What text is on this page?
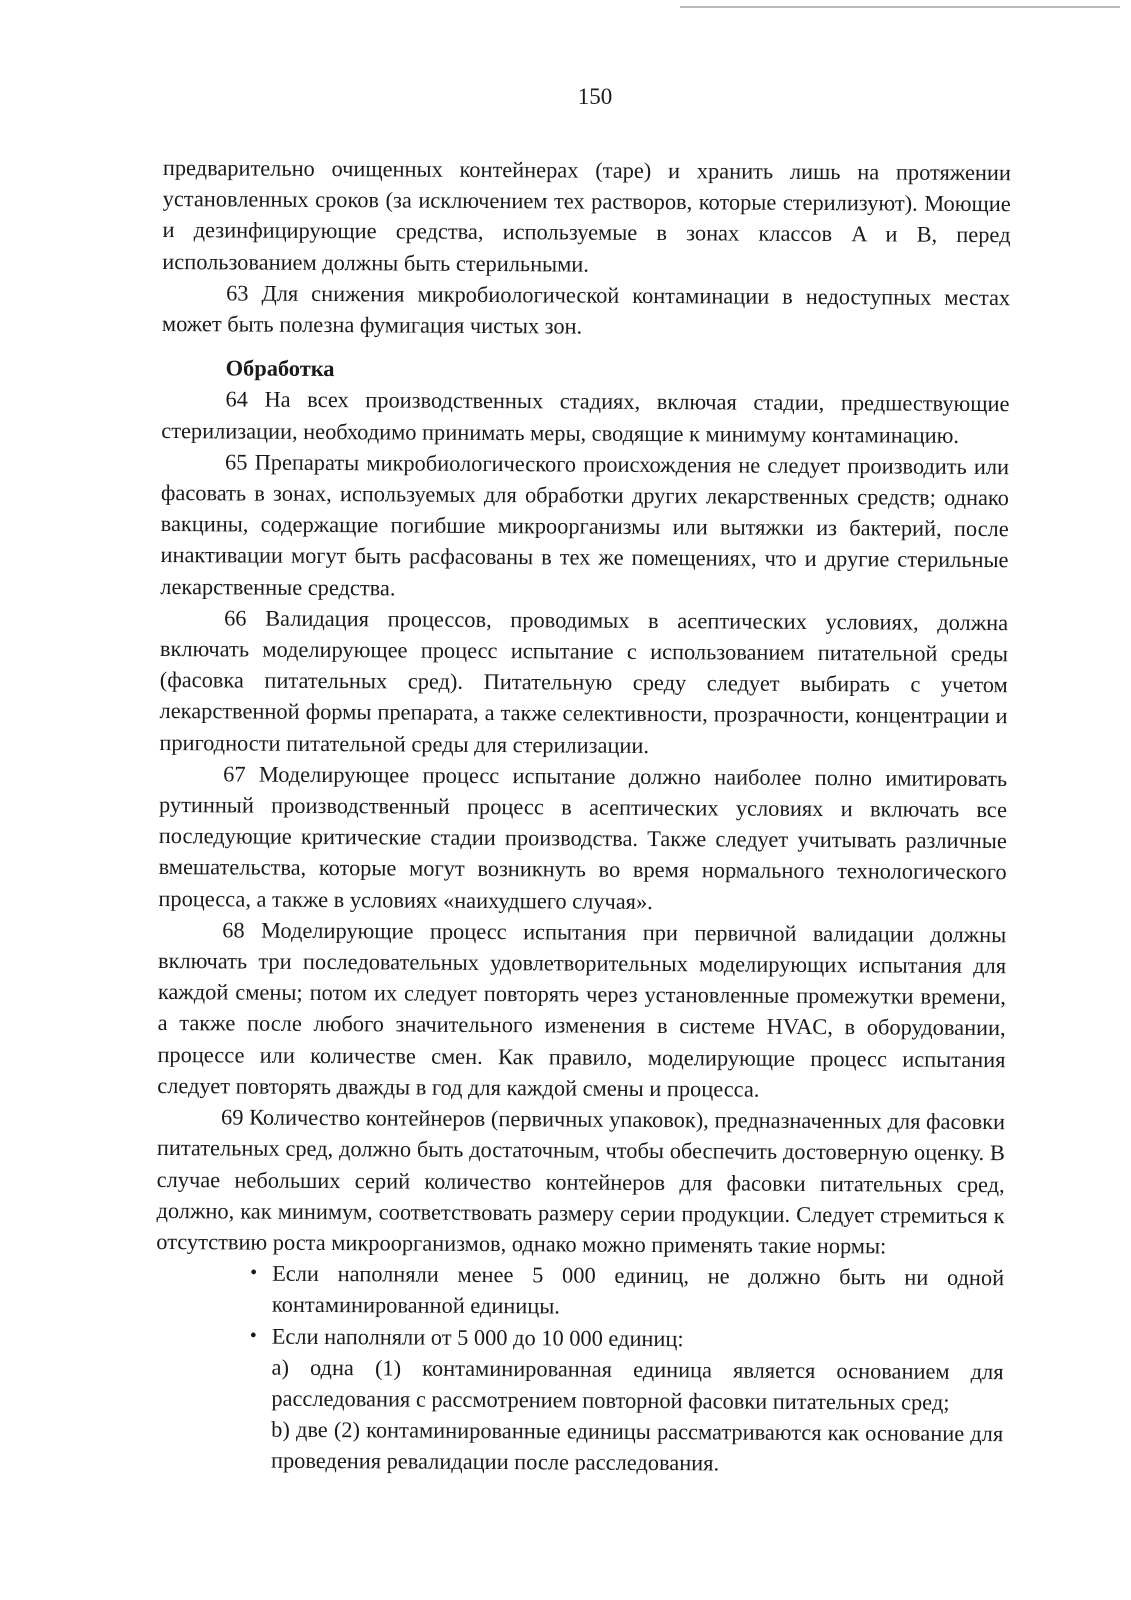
150

предварительно очищенных контейнерах (таре) и хранить лишь на протяжении установленных сроков (за исключением тех растворов, которые стерилизуют). Моющие и дезинфицирующие средства, используемые в зонах классов A и B, перед использованием должны быть стерильными.

63 Для снижения микробиологической контаминации в недоступных местах может быть полезна фумигация чистых зон.

Обработка

64 На всех производственных стадиях, включая стадии, предшествующие стерилизации, необходимо принимать меры, сводящие к минимуму контаминацию.

65 Препараты микробиологического происхождения не следует производить или фасовать в зонах, используемых для обработки других лекарственных средств; однако вакцины, содержащие погибшие микроорганизмы или вытяжки из бактерий, после инактивации могут быть расфасованы в тех же помещениях, что и другие стерильные лекарственные средства.

66 Валидация процессов, проводимых в асептических условиях, должна включать моделирующее процесс испытание с использованием питательной среды (фасовка питательных сред). Питательную среду следует выбирать с учетом лекарственной формы препарата, а также селективности, прозрачности, концентрации и пригодности питательной среды для стерилизации.

67 Моделирующее процесс испытание должно наиболее полно имитировать рутинный производственный процесс в асептических условиях и включать все последующие критические стадии производства. Также следует учитывать различные вмешательства, которые могут возникнуть во время нормального технологического процесса, а также в условиях «наихудшего случая».

68 Моделирующие процесс испытания при первичной валидации должны включать три последовательных удовлетворительных моделирующих испытания для каждой смены; потом их следует повторять через установленные промежутки времени, а также после любого значительного изменения в системе HVAC, в оборудовании, процессе или количестве смен. Как правило, моделирующие процесс испытания следует повторять дважды в год для каждой смены и процесса.

69 Количество контейнеров (первичных упаковок), предназначенных для фасовки питательных сред, должно быть достаточным, чтобы обеспечить достоверную оценку. В случае небольших серий количество контейнеров для фасовки питательных сред, должно, как минимум, соответствовать размеру серии продукции. Следует стремиться к отсутствию роста микроорганизмов, однако можно применять такие нормы:

• Если наполняли менее 5 000 единиц, не должно быть ни одной контаминированной единицы.
• Если наполняли от 5 000 до 10 000 единиц:

a) одна (1) контаминированная единица является основанием для расследования с рассмотрением повторной фасовки питательных сред;

b) две (2) контаминированные единицы рассматриваются как основание для проведения ревалидации после расследования.
